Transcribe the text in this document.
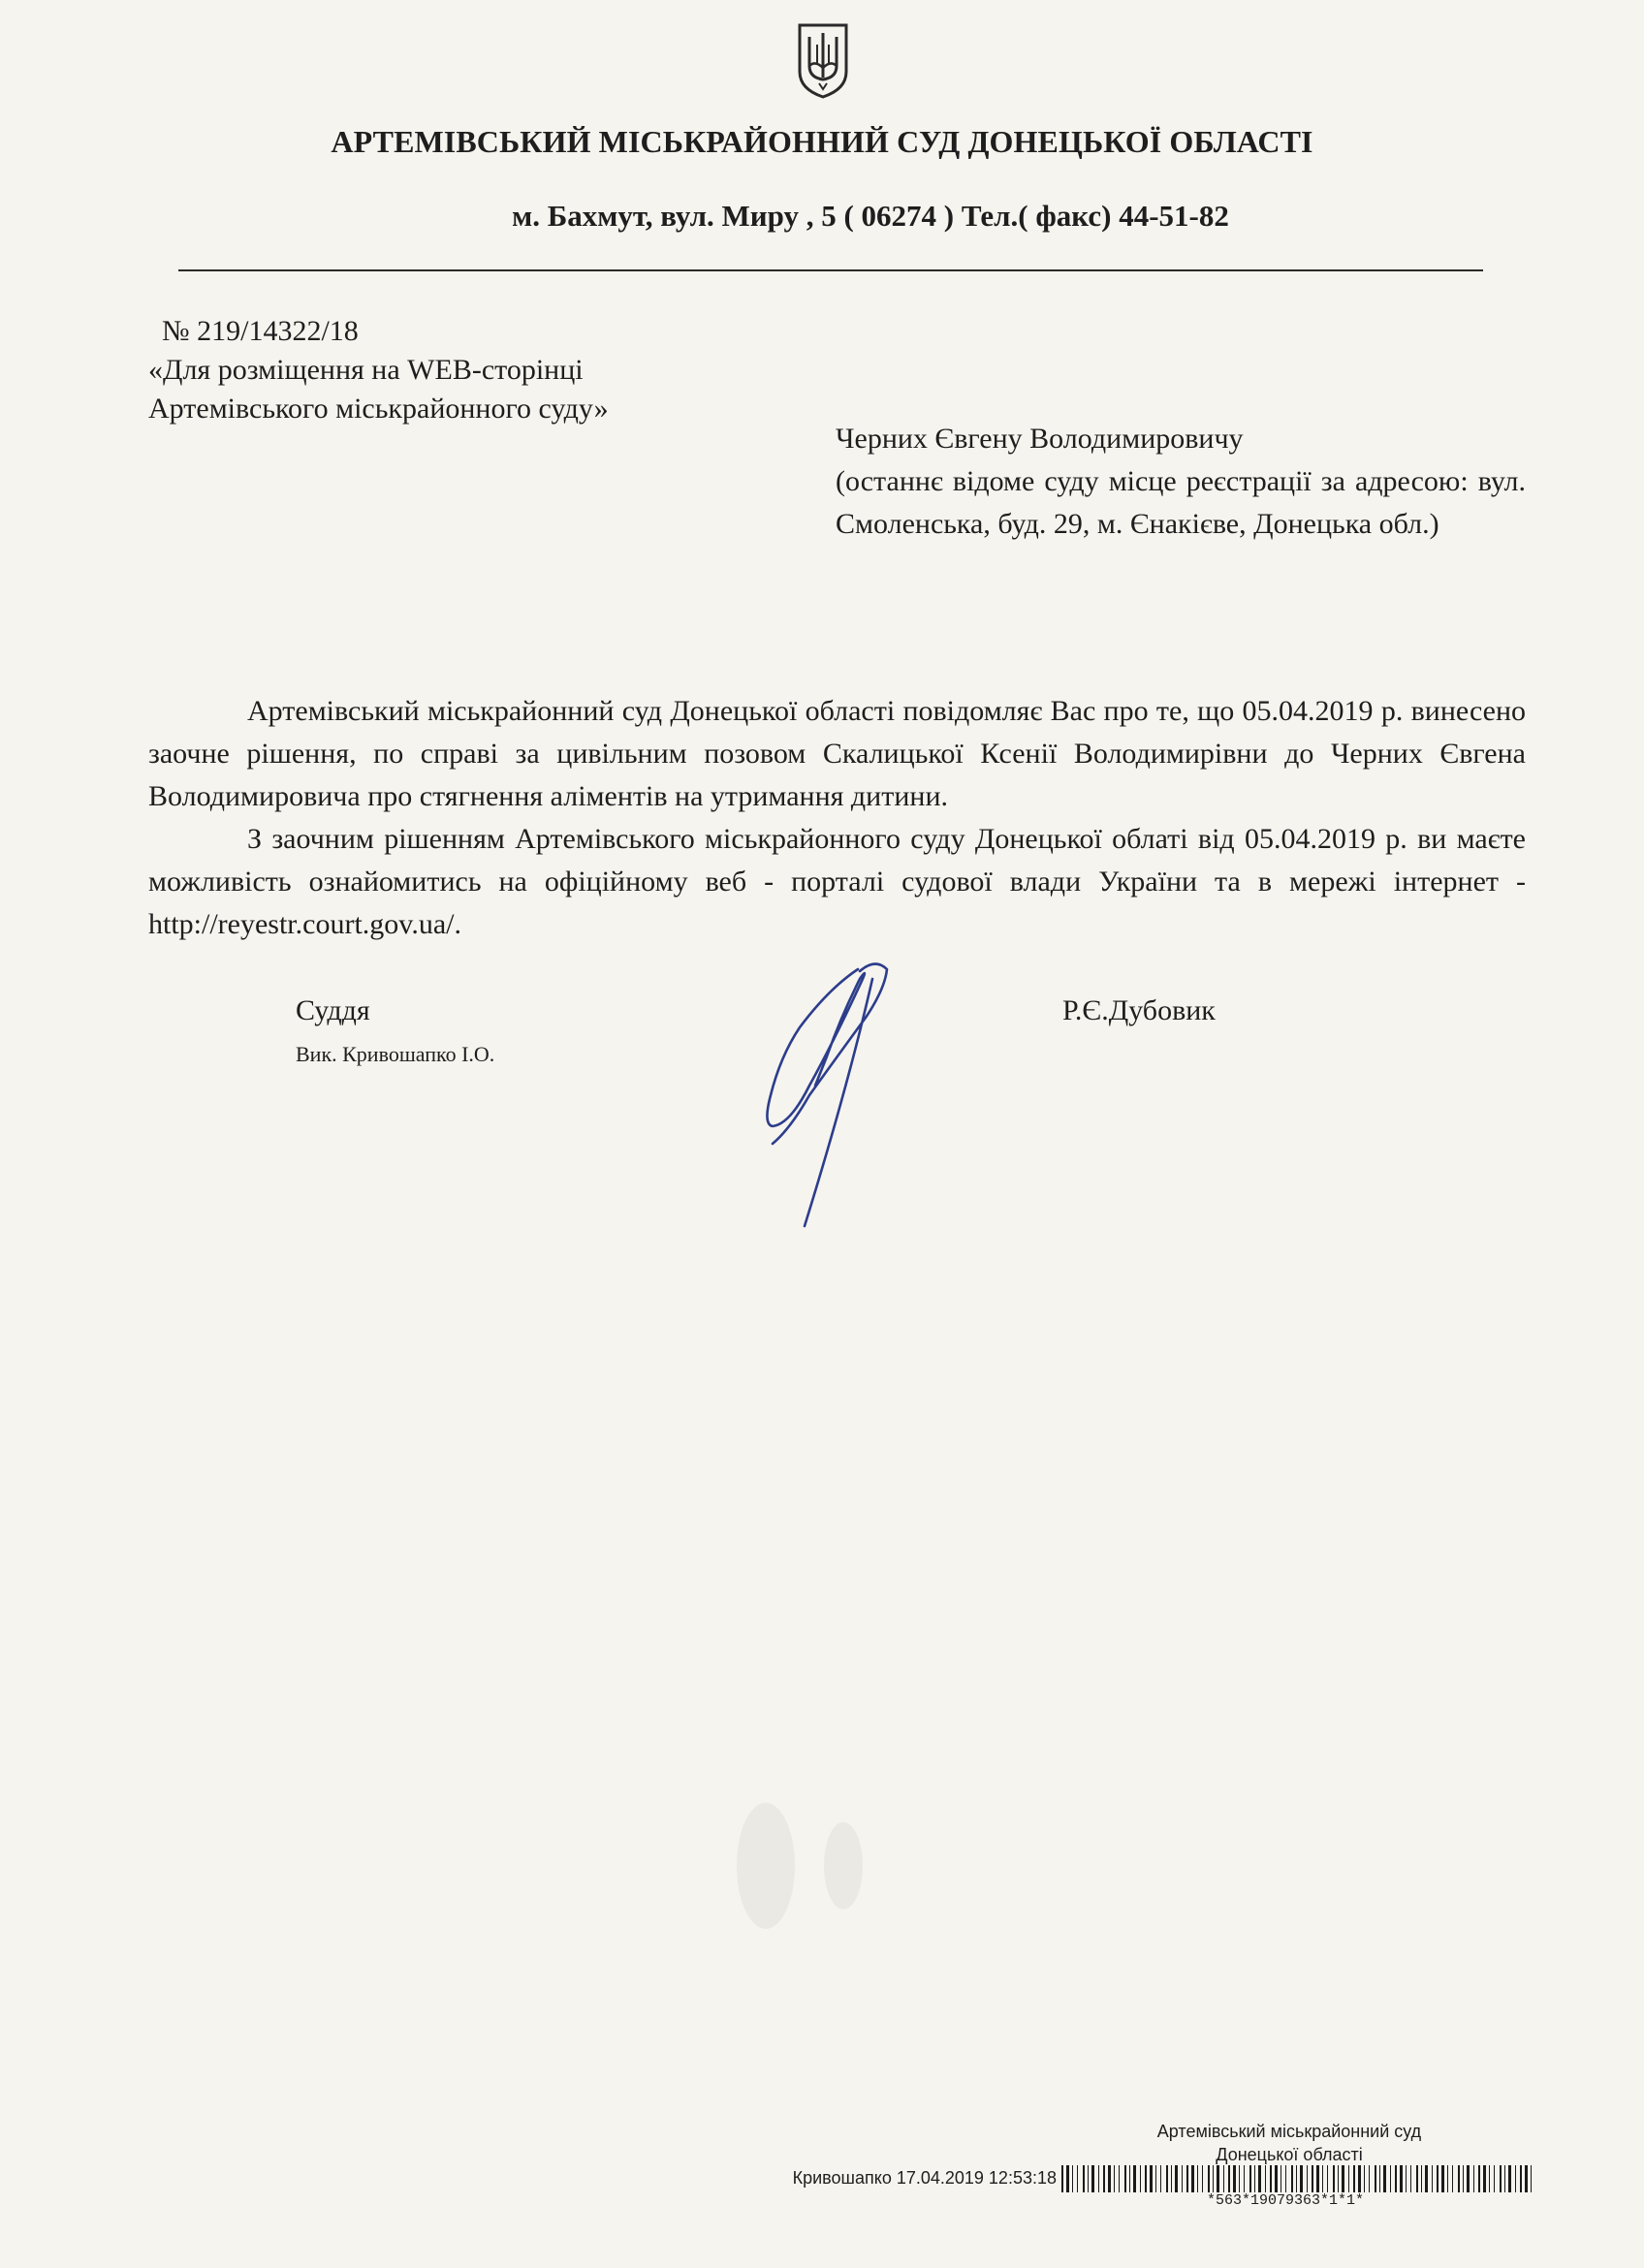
АРТЕМІВСЬКИЙ МІСЬКРАЙОННИЙ СУД ДОНЕЦЬКОЇ ОБЛАСТІ

м. Бахмут, вул. Миру , 5 ( 06274 ) Тел.( факс) 44-51-82

№ 219/14322/18
«Для розміщення на WEB-сторінці
Артемівського міськрайонного суду»
Черних Євгену Володимировичу
(останнє відоме суду місце реєстрації за адресою: вул. Смоленська, буд. 29, м. Єнакієве, Донецька обл.)

Артемівський міськрайонний суд Донецької області повідомляє Вас про те, що 05.04.2019 р. винесено заочне рішення, по справі за цивільним позовом Скалицької Ксенії Володимирівни до Черних Євгена Володимировича про стягнення аліментів на утримання дитини.

З заочним рішенням Артемівського міськрайонного суду Донецької облаті від 05.04.2019 р. ви маєте можливість ознайомитись на офіційному веб - порталі судової влади України та в мережі інтернет - http://reyestr.court.gov.ua/.

Суддя
Вик. Кривошапко І.О.
Р.Є.Дубовик
Артемівський міськрайонний суд
Донецької області
Кривошапко 17.04.2019 12:53:18
*563*19079363*1*1*
